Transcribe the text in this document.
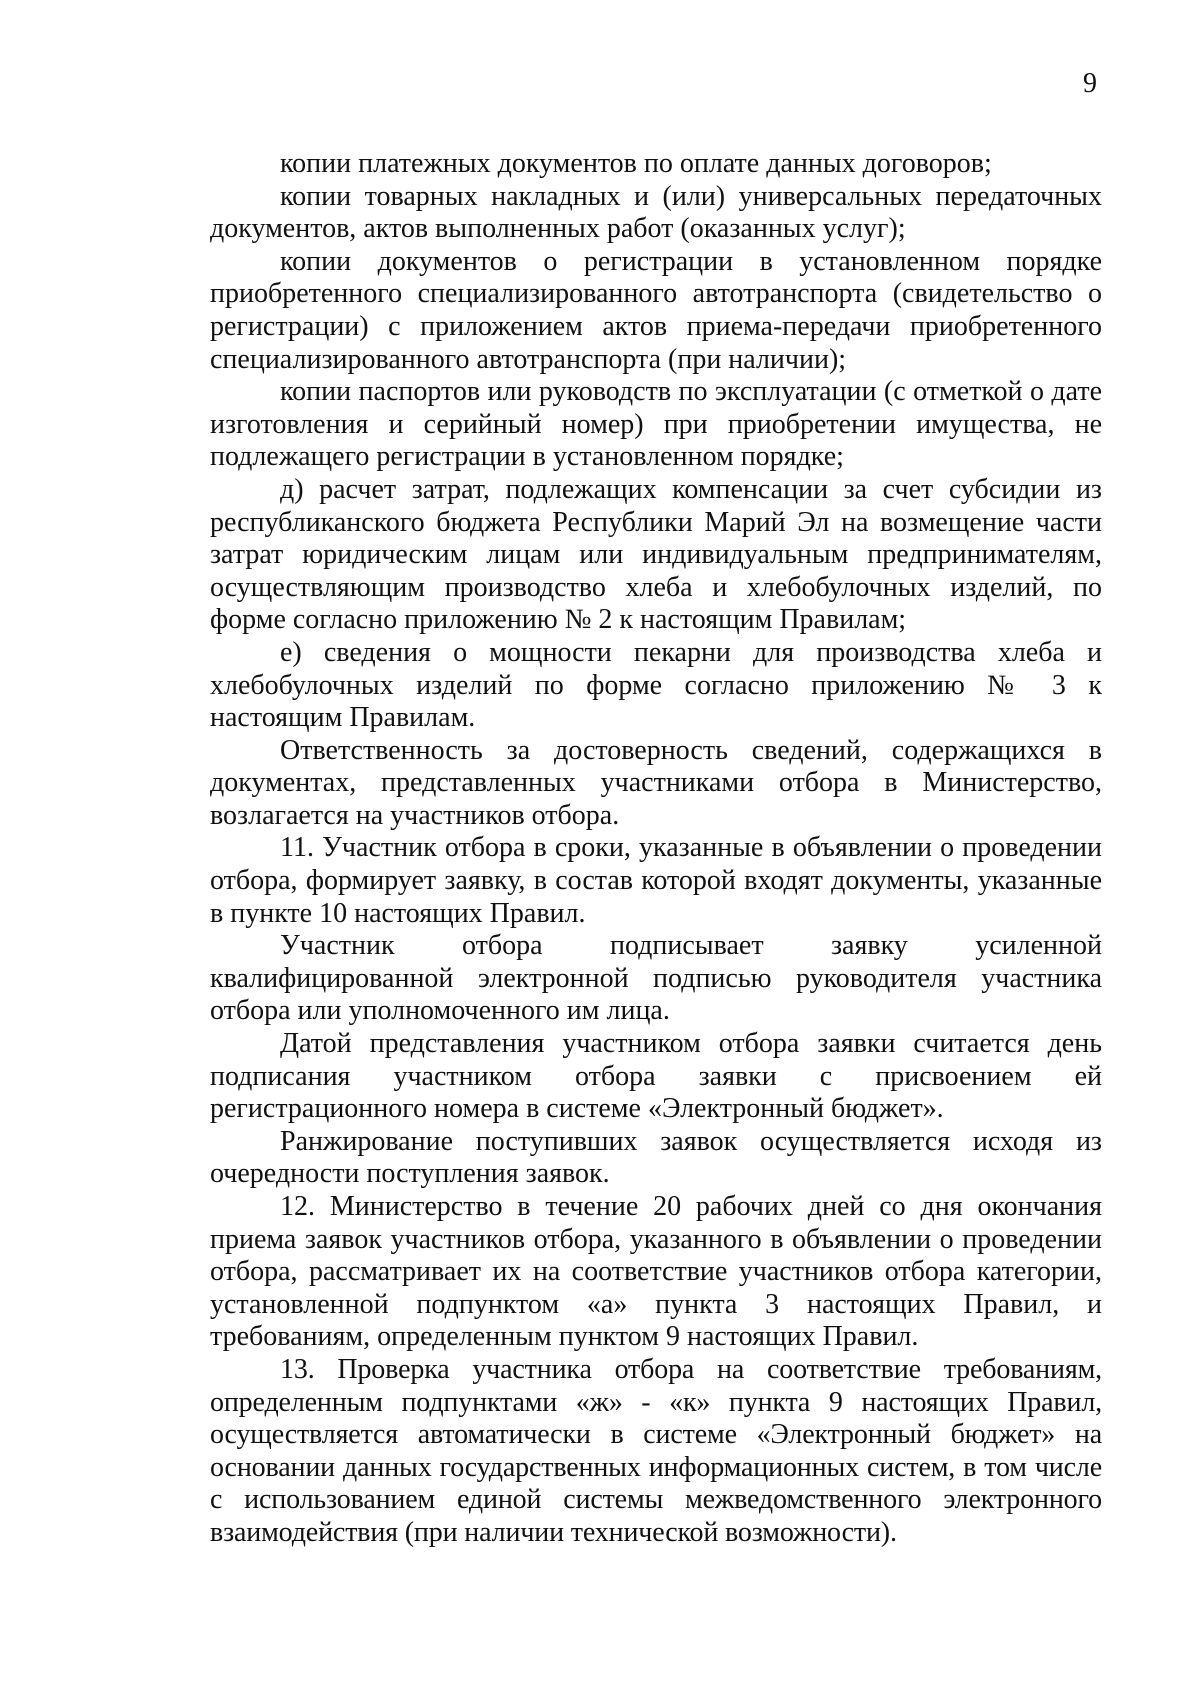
9

копии платежных документов по оплате данных договоров;

копии товарных накладных и (или) универсальных передаточных документов, актов выполненных работ (оказанных услуг);

копии документов о регистрации в установленном порядке приобретенного специализированного автотранспорта (свидетельство о регистрации) с приложением актов приема-передачи приобретенного специализированного автотранспорта (при наличии);

копии паспортов или руководств по эксплуатации (с отметкой о дате изготовления и серийный номер) при приобретении имущества, не подлежащего регистрации в установленном порядке;

д) расчет затрат, подлежащих компенсации за счет субсидии из республиканского бюджета Республики Марий Эл на возмещение части затрат юридическим лицам или индивидуальным предпринимателям, осуществляющим производство хлеба и хлебобулочных изделий, по форме согласно приложению № 2 к настоящим Правилам;

е) сведения о мощности пекарни для производства хлеба и хлебобулочных изделий по форме согласно приложению № 3 к настоящим Правилам.

Ответственность за достоверность сведений, содержащихся в документах, представленных участниками отбора в Министерство, возлагается на участников отбора.

11. Участник отбора в сроки, указанные в объявлении о проведении отбора, формирует заявку, в состав которой входят документы, указанные в пункте 10 настоящих Правил.

Участник отбора подписывает заявку усиленной квалифицированной электронной подписью руководителя участника отбора или уполномоченного им лица.

Датой представления участником отбора заявки считается день подписания участником отбора заявки с присвоением ей регистрационного номера в системе «Электронный бюджет».

Ранжирование поступивших заявок осуществляется исходя из очередности поступления заявок.

12. Министерство в течение 20 рабочих дней со дня окончания приема заявок участников отбора, указанного в объявлении о проведении отбора, рассматривает их на соответствие участников отбора категории, установленной подпунктом «а» пункта 3 настоящих Правил, и требованиям, определенным пунктом 9 настоящих Правил.

13. Проверка участника отбора на соответствие требованиям, определенным подпунктами «ж» - «к» пункта 9 настоящих Правил, осуществляется автоматически в системе «Электронный бюджет» на основании данных государственных информационных систем, в том числе с использованием единой системы межведомственного электронного взаимодействия (при наличии технической возможности).
